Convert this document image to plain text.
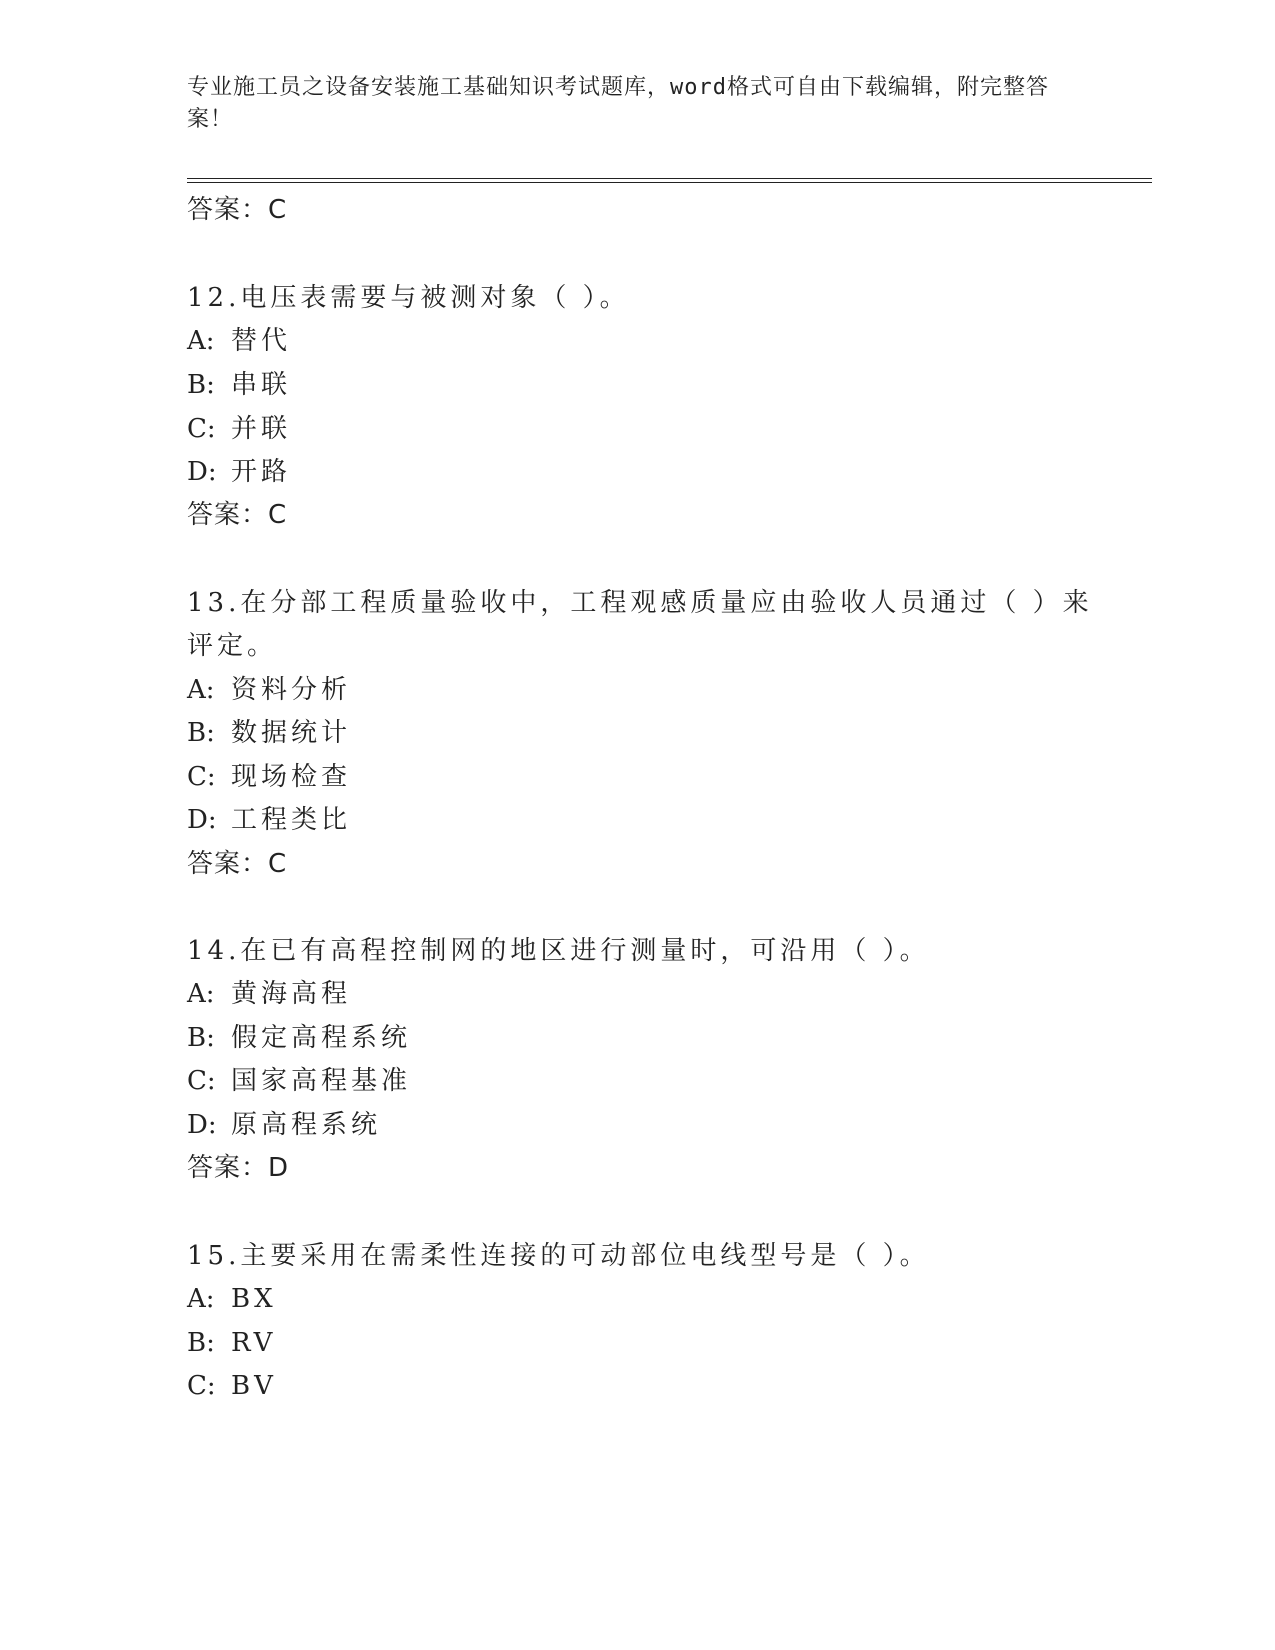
专业施工员之设备安装施工基础知识考试题库，word格式可自由下载编辑，附完整答案！
答案：C
12.电压表需要与被测对象（ ）。
A: 替代
B: 串联
C: 并联
D: 开路
答案：C
13.在分部工程质量验收中，工程观感质量应由验收人员通过（ ）来
评定。
A: 资料分析
B: 数据统计
C: 现场检查
D: 工程类比
答案：C
14.在已有高程控制网的地区进行测量时，可沿用（ ）。
A: 黄海高程
B: 假定高程系统
C: 国家高程基准
D: 原高程系统
答案：D
15.主要采用在需柔性连接的可动部位电线型号是（ ）。
A: BX
B: RV
C: BV
